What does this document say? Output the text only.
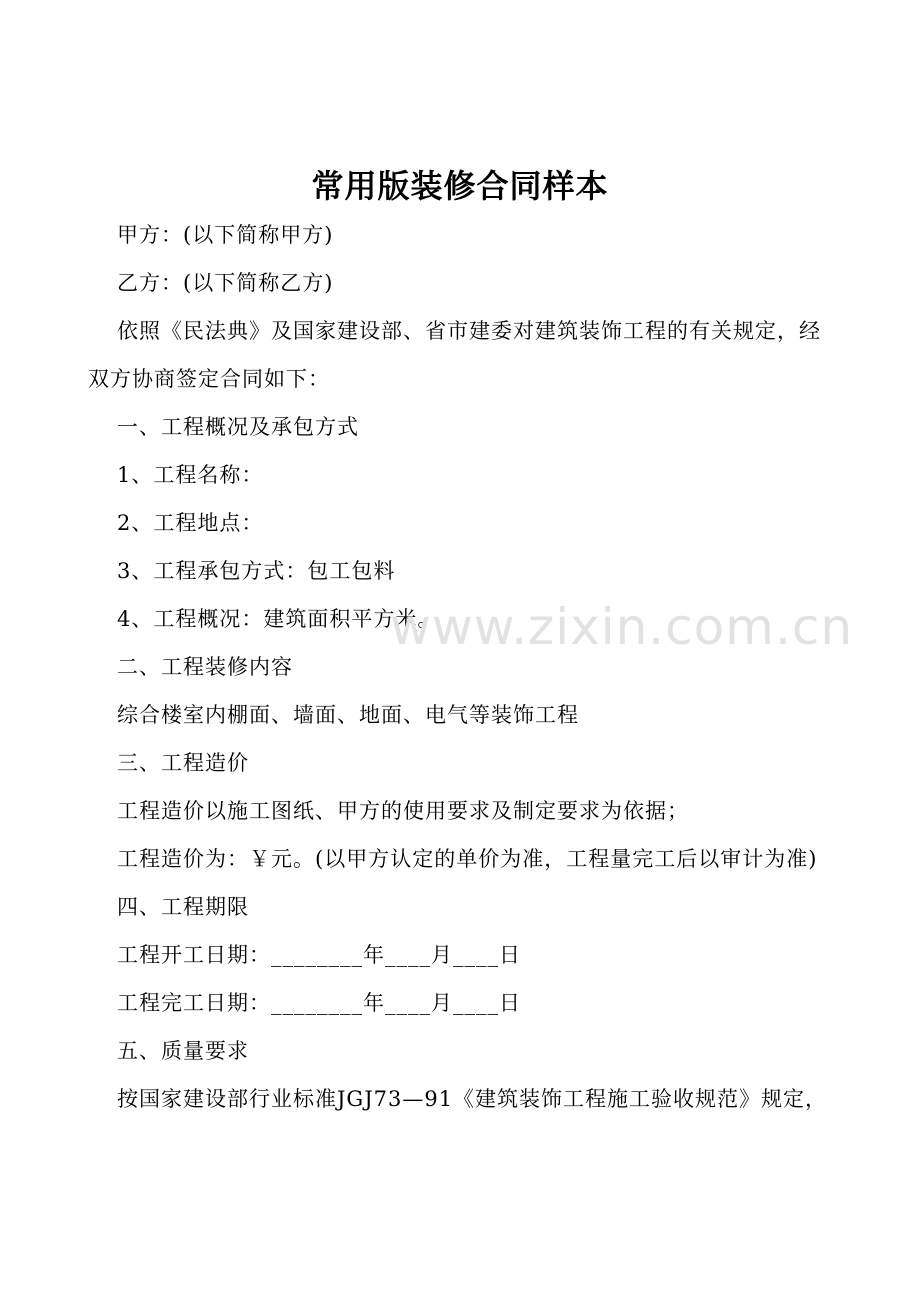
常用版装修合同样本

甲方：(以下简称甲方)

乙方：(以下简称乙方)

依照《民法典》及国家建设部、省市建委对建筑装饰工程的有关规定，经双方协商签定合同如下：

一、工程概况及承包方式

1、工程名称：

2、工程地点：

3、工程承包方式：包工包料

4、工程概况：建筑面积平方米。

二、工程装修内容

综合楼室内棚面、墙面、地面、电气等装饰工程

三、工程造价

工程造价以施工图纸、甲方的使用要求及制定要求为依据；

工程造价为：￥元。(以甲方认定的单价为准，工程量完工后以审计为准)

四、工程期限

工程开工日期：________年____月____日

工程完工日期：________年____月____日

五、质量要求

按国家建设部行业标准JGJ73—91《建筑装饰工程施工验收规范》规定，

www.zixin.com.cn
